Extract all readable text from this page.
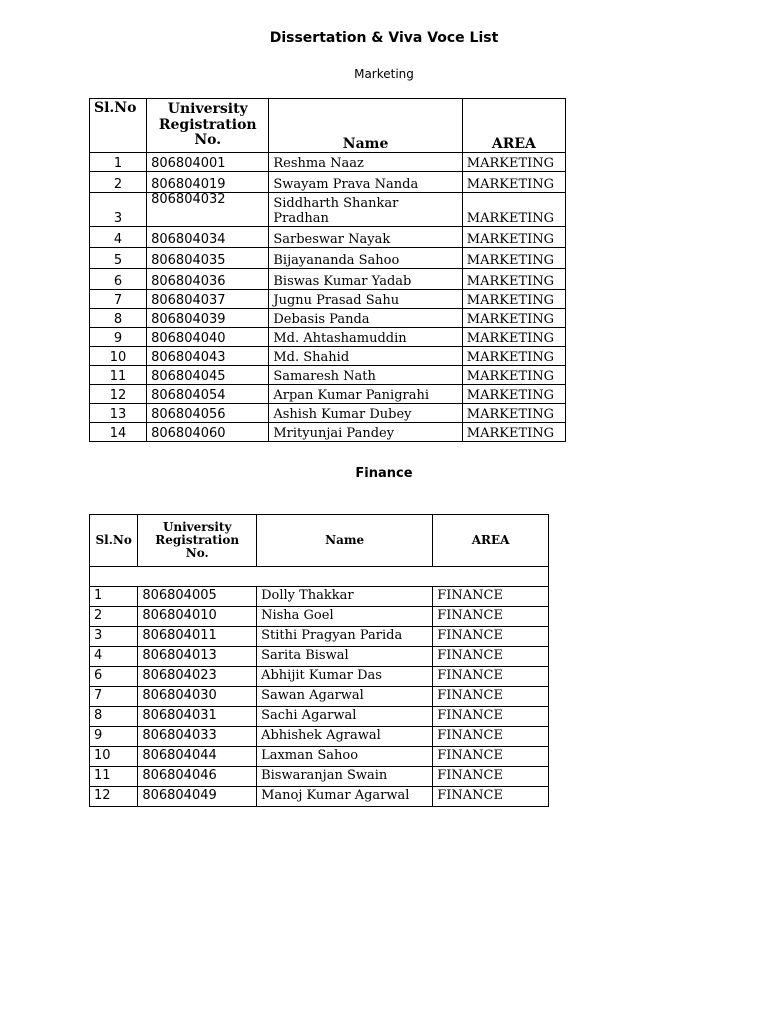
Dissertation & Viva Voce List
Marketing
Sl.No	University Registration No.	Name	AREA
1	806804001	Reshma Naaz	MARKETING
2	806804019	Swayam Prava Nanda	MARKETING
3	806804032	Siddharth Shankar Pradhan	MARKETING
4	806804034	Sarbeswar Nayak	MARKETING
5	806804035	Bijayananda Sahoo	MARKETING
6	806804036	Biswas Kumar Yadab	MARKETING
7	806804037	Jugnu Prasad Sahu	MARKETING
8	806804039	Debasis Panda	MARKETING
9	806804040	Md. Ahtashamuddin	MARKETING
10	806804043	Md. Shahid	MARKETING
11	806804045	Samaresh Nath	MARKETING
12	806804054	Arpan Kumar Panigrahi	MARKETING
13	806804056	Ashish Kumar Dubey	MARKETING
14	806804060	Mrityunjai Pandey	MARKETING
Finance
Sl.No	University Registration No.	Name	AREA

1	806804005	Dolly Thakkar	FINANCE
2	806804010	Nisha Goel	FINANCE
3	806804011	Stithi Pragyan Parida	FINANCE
4	806804013	Sarita Biswal	FINANCE
6	806804023	Abhijit Kumar Das	FINANCE
7	806804030	Sawan Agarwal	FINANCE
8	806804031	Sachi Agarwal	FINANCE
9	806804033	Abhishek Agrawal	FINANCE
10	806804044	Laxman Sahoo	FINANCE
11	806804046	Biswaranjan Swain	FINANCE
12	806804049	Manoj Kumar Agarwal	FINANCE
